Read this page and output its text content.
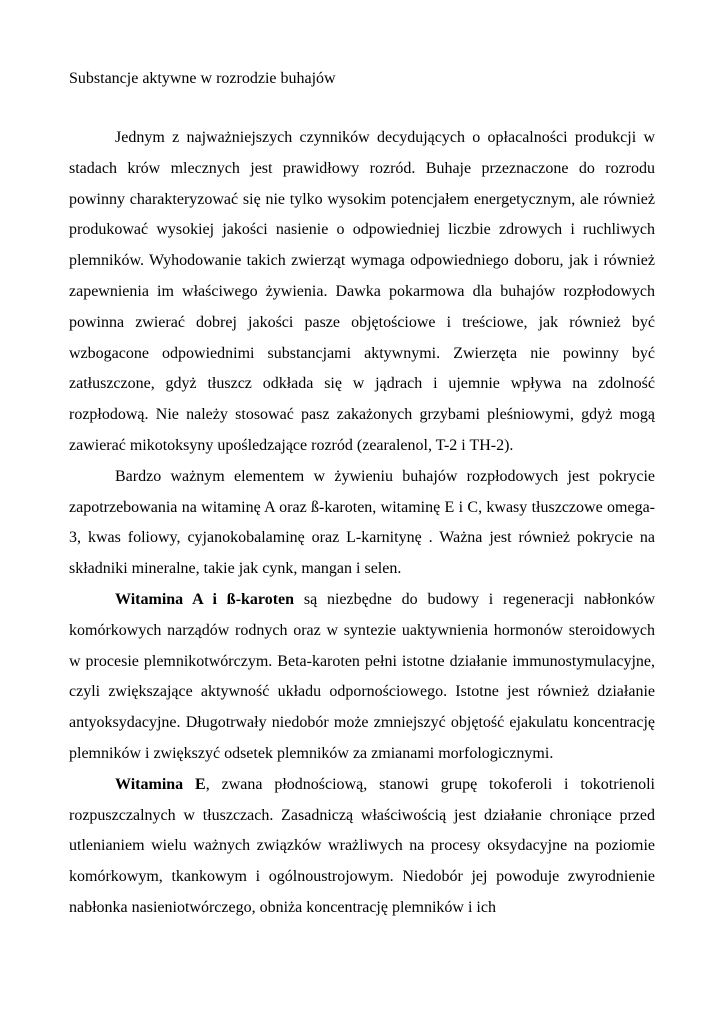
Substancje aktywne w rozrodzie buhajów

Jednym z najważniejszych czynników decydujących o opłacalności produkcji w stadach krów mlecznych jest prawidłowy rozród. Buhaje przeznaczone do rozrodu powinny charakteryzować się nie tylko wysokim potencjałem energetycznym, ale również produkować wysokiej jakości nasienie o odpowiedniej liczbie zdrowych i ruchliwych plemników. Wyhodowanie takich zwierząt wymaga odpowiedniego doboru, jak i również zapewnienia im właściwego żywienia. Dawka pokarmowa dla buhajów rozpłodowych powinna zwierać dobrej jakości pasze objętościowe i treściowe, jak również być wzbogacone odpowiednimi substancjami aktywnymi. Zwierzęta nie powinny być zatłuszczone, gdyż tłuszcz odkłada się w jądrach i ujemnie wpływa na zdolność rozpłodową. Nie należy stosować pasz zakażonych grzybami pleśniowymi, gdyż mogą zawierać mikotoksyny upośledzające rozród (zearalenol, T-2 i TH-2).

Bardzo ważnym elementem w żywieniu buhajów rozpłodowych jest pokrycie zapotrzebowania na witaminę A oraz ß-karoten, witaminę E i C, kwasy tłuszczowe omega-3, kwas foliowy, cyjanokobalaminę oraz L-karnitynę . Ważna jest również pokrycie na składniki mineralne, takie jak cynk, mangan i selen.

Witamina A i ß-karoten są niezbędne do budowy i regeneracji nabłonków komórkowych narządów rodnych oraz w syntezie uaktywnienia hormonów steroidowych w procesie plemnikotwórczym. Beta-karoten pełni istotne działanie immunostymulacyjne, czyli zwiększające aktywność układu odpornościowego. Istotne jest również działanie antyoksydacyjne. Długotrwały niedobór może zmniejszyć objętość ejakulatu koncentrację plemników i zwiększyć odsetek plemników za zmianami morfologicznymi.

Witamina E, zwana płodnościową, stanowi grupę tokoferoli i tokotrienoli rozpuszczalnych w tłuszczach. Zasadniczą właściwością jest działanie chroniące przed utlenianiem wielu ważnych związków wrażliwych na procesy oksydacyjne na poziomie komórkowym, tkankowym i ogólnoustrojowym. Niedobór jej powoduje zwyrodnienie nabłonka nasieniotwórczego, obniża koncentrację plemników i ich
